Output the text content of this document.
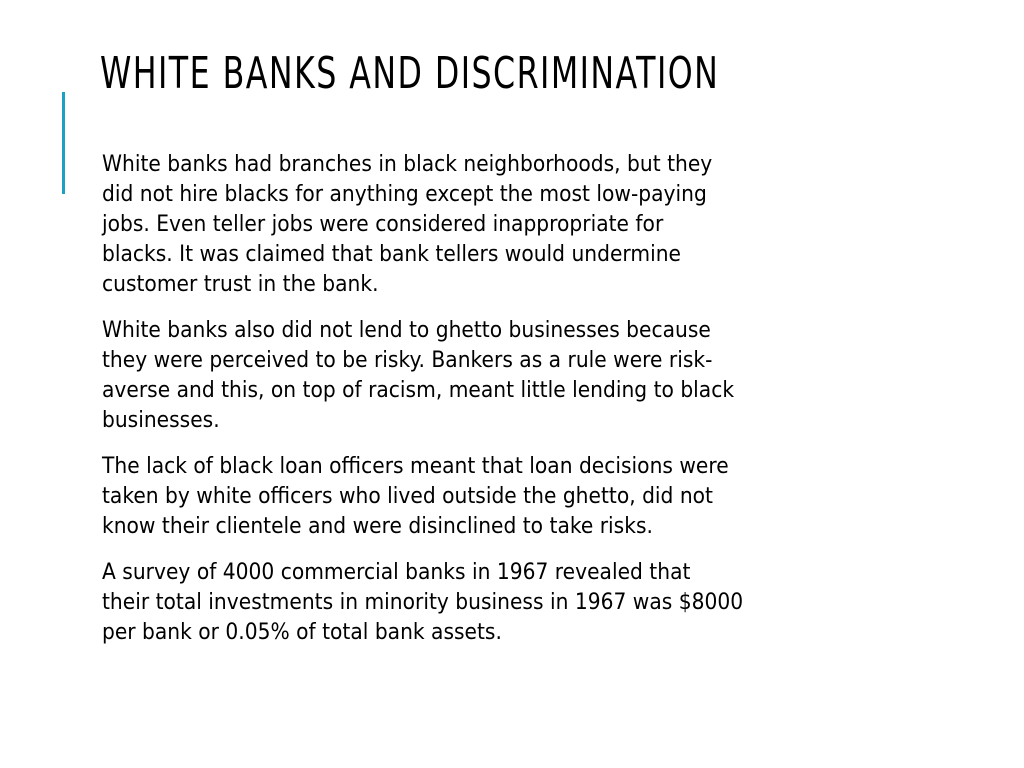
WHITE BANKS AND DISCRIMINATION

White banks had branches in black neighborhoods, but they
did not hire blacks for anything except the most low-paying
jobs. Even teller jobs were considered inappropriate for
blacks. It was claimed that bank tellers would undermine
customer trust in the bank.

White banks also did not lend to ghetto businesses because
they were perceived to be risky. Bankers as a rule were risk-
averse and this, on top of racism, meant little lending to black
businesses.

The lack of black loan officers meant that loan decisions were
taken by white officers who lived outside the ghetto, did not
know their clientele and were disinclined to take risks.

A survey of 4000 commercial banks in 1967 revealed that
their total investments in minority business in 1967 was $8000
per bank or 0.05% of total bank assets.
